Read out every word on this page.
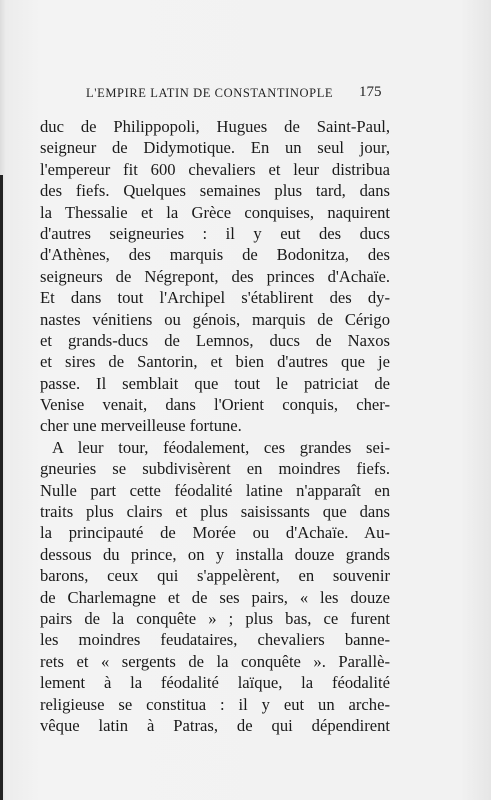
L'EMPIRE LATIN DE CONSTANTINOPLE	175
duc de Philippopoli, Hugues de Saint-Paul,
seigneur de Didymotique. En un seul jour,
l'empereur fit 600 chevaliers et leur distribua
des fiefs. Quelques semaines plus tard, dans
la Thessalie et la Grèce conquises, naquirent
d'autres seigneuries : il y eut des ducs
d'Athènes, des marquis de Bodonitza, des
seigneurs de Négrepont, des princes d'Achaïe.
Et dans tout l'Archipel s'établirent des dy-
nastes vénitiens ou génois, marquis de Cérigo
et grands-ducs de Lemnos, ducs de Naxos
et sires de Santorin, et bien d'autres que je
passe. Il semblait que tout le patriciat de
Venise venait, dans l'Orient conquis, cher-
cher une merveilleuse fortune.
A leur tour, féodalement, ces grandes sei-
gneuries se subdivisèrent en moindres fiefs.
Nulle part cette féodalité latine n'apparaît en
traits plus clairs et plus saisissants que dans
la principauté de Morée ou d'Achaïe. Au-
dessous du prince, on y installa douze grands
barons, ceux qui s'appelèrent, en souvenir
de Charlemagne et de ses pairs, « les douze
pairs de la conquête » ; plus bas, ce furent
les moindres feudataires, chevaliers banne-
rets et « sergents de la conquête ». Parallè-
lement à la féodalité laïque, la féodalité
religieuse se constitua : il y eut un arche-
vêque latin à Patras, de qui dépendirent
